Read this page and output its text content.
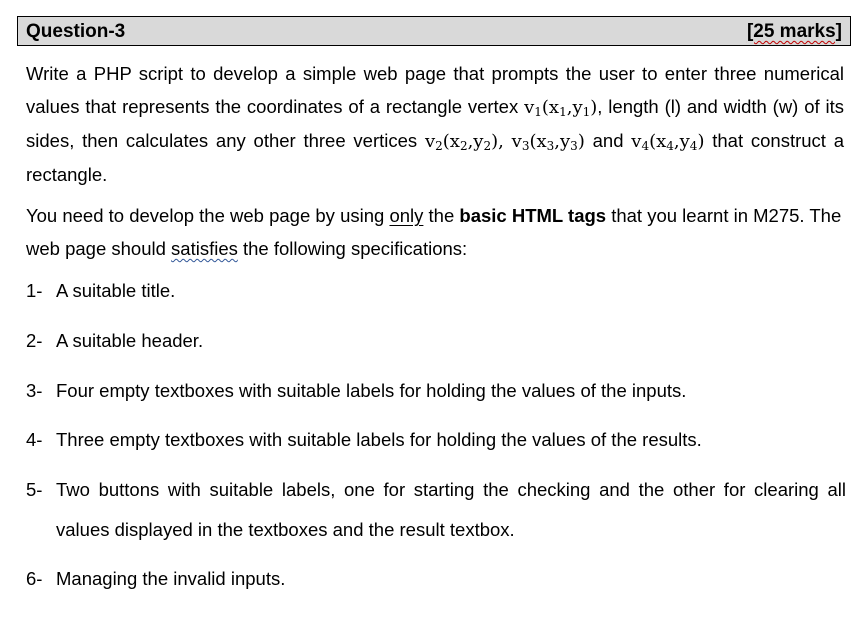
Question-3	[25 marks]

Write a PHP script to develop a simple web page that prompts the user to enter three numerical values that represents the coordinates of a rectangle vertex $v_1(x_1,y_1)$, length (l) and width (w) of its sides, then calculates any other three vertices $v_2(x_2,y_2)$, $v_3(x_3,y_3)$ and $v_4(x_4,y_4)$ that construct a rectangle.

You need to develop the web page by using only the basic HTML tags that you learnt in M275. The web page should satisfies the following specifications:

1- A suitable title.
2- A suitable header.
3- Four empty textboxes with suitable labels for holding the values of the inputs.
4- Three empty textboxes with suitable labels for holding the values of the results.
5- Two buttons with suitable labels, one for starting the checking and the other for clearing all values displayed in the textboxes and the result textbox.
6- Managing the invalid inputs.
